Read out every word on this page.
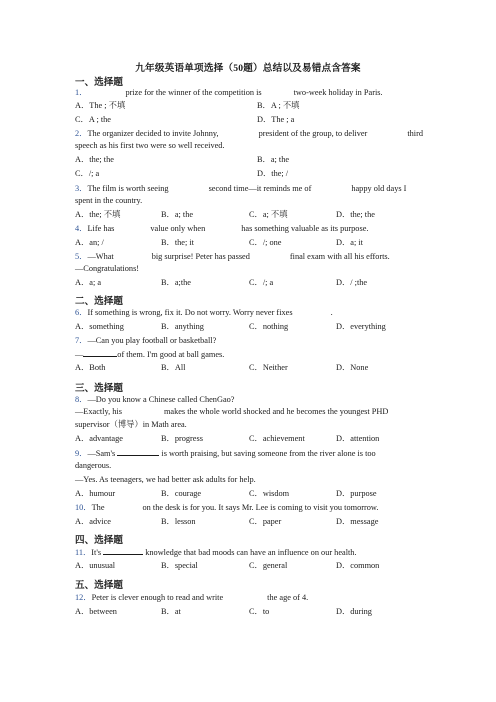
九年级英语单项选择（50题）总结以及易错点含答案
一、选择题
1．	prize for the winner of the competition is	two-week holiday in Paris.
A．The ; 不填	B．A ; 不填
C．A ; the	D．The ; a
2．The organizer decided to invite Johnny,	president of the group, to deliver	third
speech as his first two were so well received.
A．the; the	B．a; the
C．/; a	D．the; /
3．The film is worth seeing	second time—it reminds me of	happy old days I
spent in the country.
A．the; 不填	B．a; the	C．a; 不填	D．the; the
4．Life has	value only when	has something valuable as its purpose.
A．an; /	B．the; it	C．/; one	D．a; it
5．—What	big surprise! Peter has passed	final exam with all his efforts.
—Congratulations!
A．a; a	B．a;the	C．/; a	D．/ ;the
二、选择题
6．If something is wrong, fix it. Do not worry. Worry never fixes	.
A．something	B．anything	C．nothing	D．everything
7．—Can you play football or basketball?
—	of them. I'm good at ball games.
A．Both	B．All	C．Neither	D．None
三、选择题
8．—Do you know a Chinese called ChenGao?
—Exactly, his	makes the whole world shocked and he becomes the youngest PHD
supervisor（博导）in Math area.
A．advantage	B．progress	C．achievement	D．attention
9．—Sam's	is worth praising, but saving someone from the river alone is too
dangerous.
—Yes. As teenagers, we had better ask adults for help.
A．humour	B．courage	C．wisdom	D．purpose
10．The	on the desk is for you. It says Mr. Lee is coming to visit you tomorrow.
A．advice	B．lesson	C．paper	D．message
四、选择题
11．It's	knowledge that bad moods can have an influence on our health.
A．unusual	B．special	C．general	D．common
五、选择题
12．Peter is clever enough to read and write	the age of 4.
A．between	B．at	C．to	D．during
